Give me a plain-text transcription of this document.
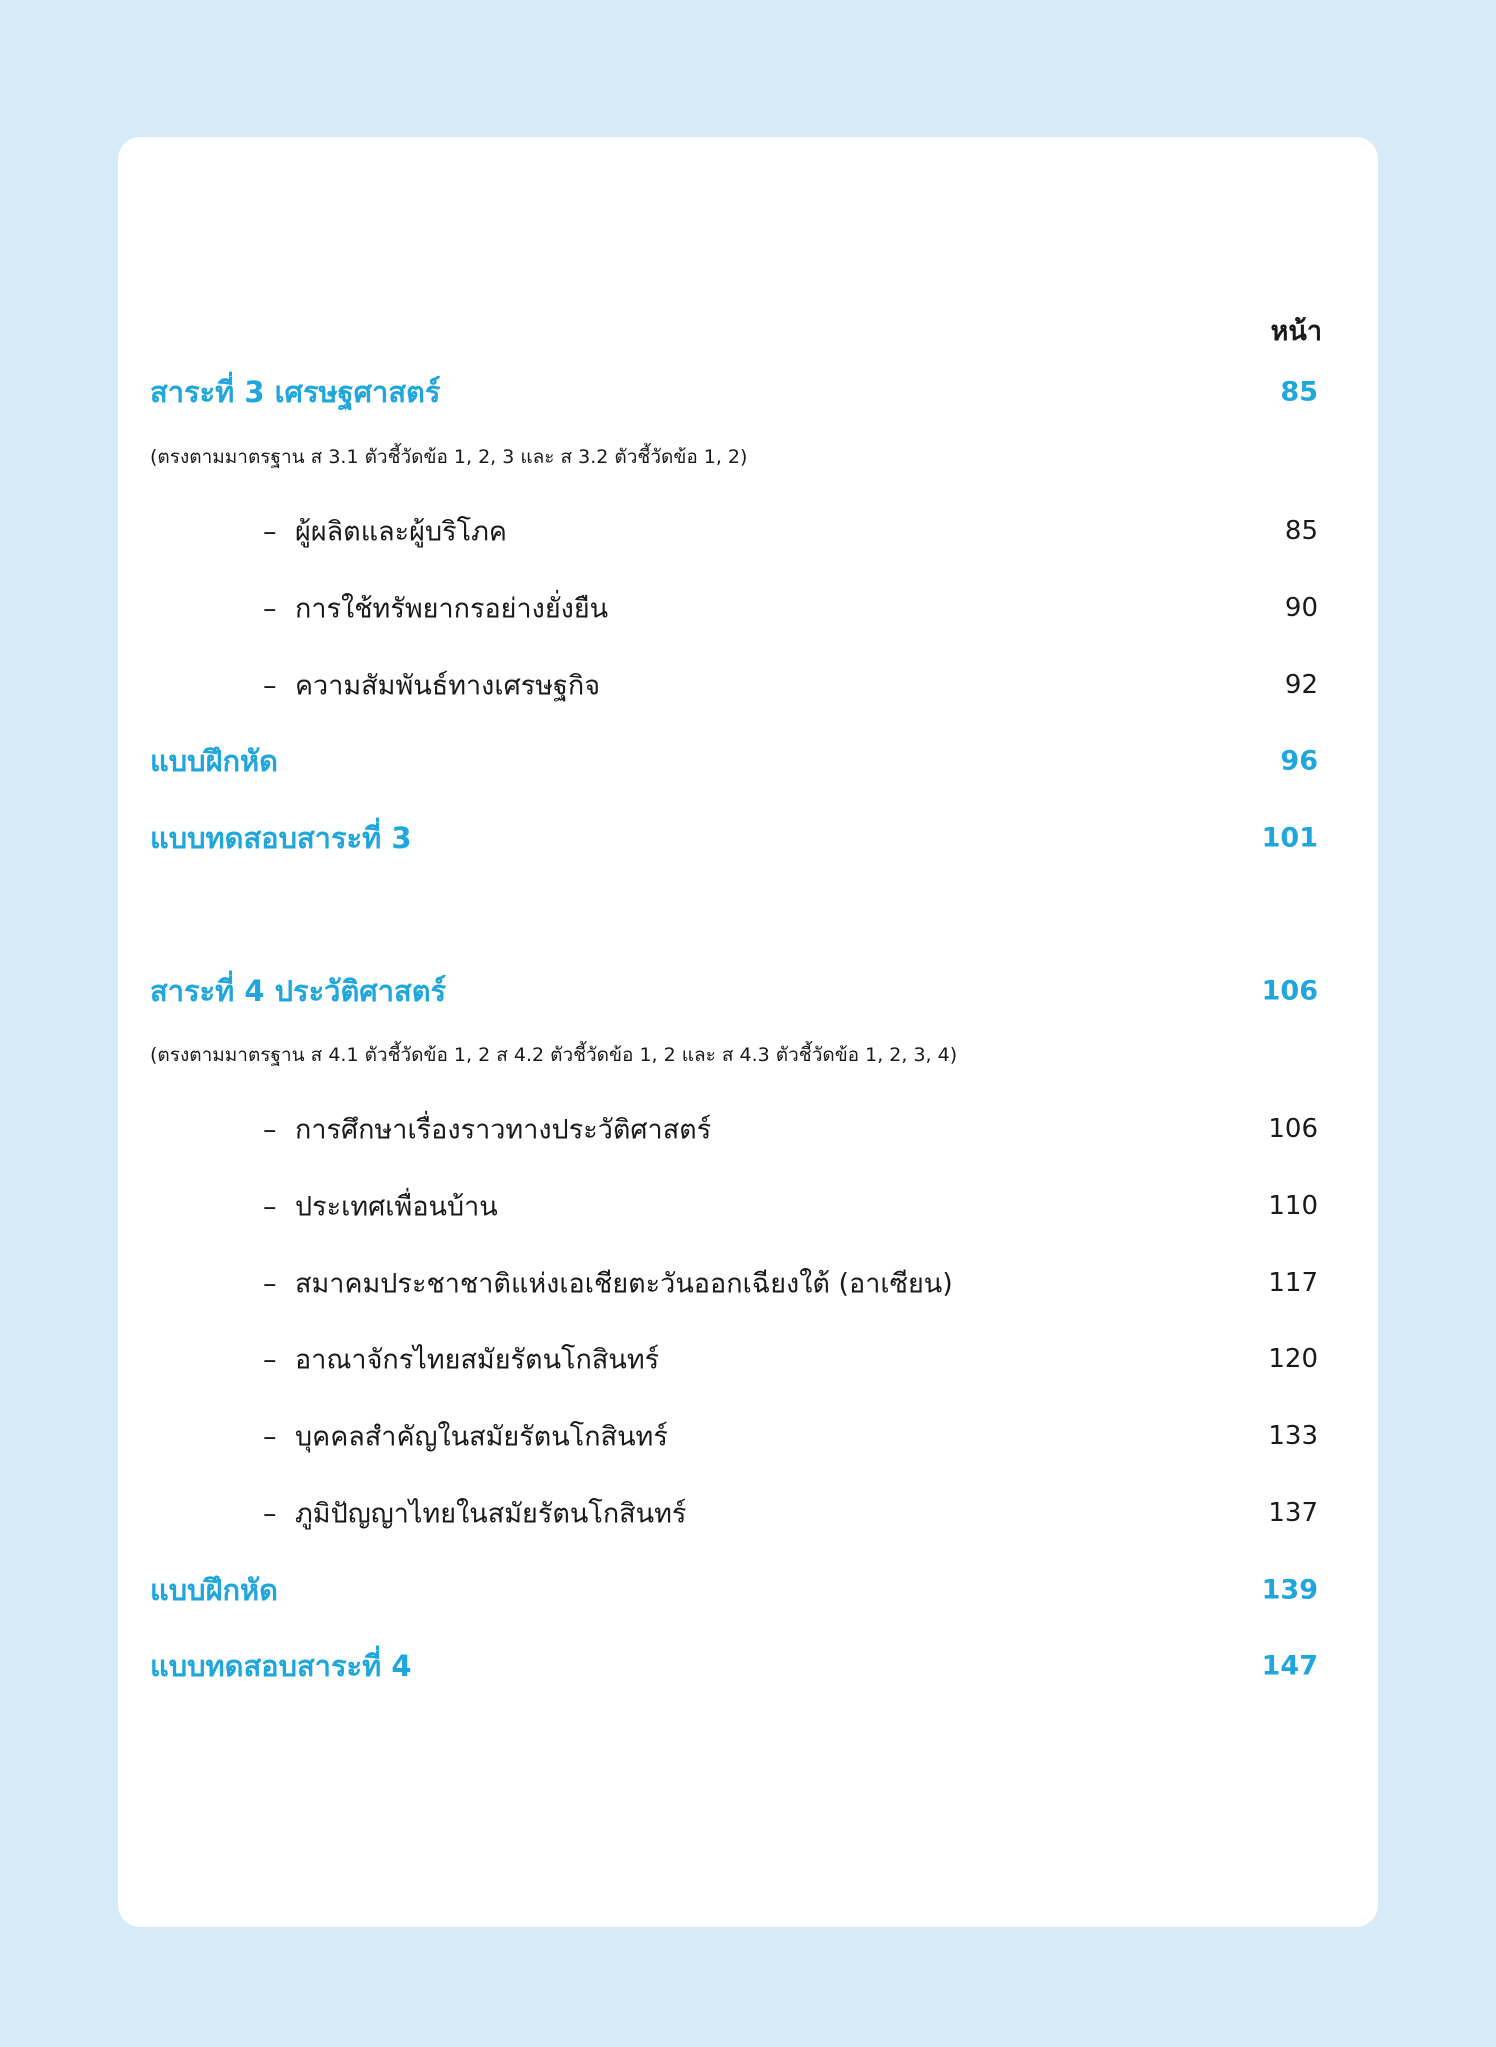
หน้า
สาระที่ 3 เศรษฐศาสตร์	85
(ตรงตามมาตรฐาน ส 3.1 ตัวชี้วัดข้อ 1, 2, 3 และ ส 3.2 ตัวชี้วัดข้อ 1, 2)
– ผู้ผลิตและผู้บริโภค	85
– การใช้ทรัพยากรอย่างยั่งยืน	90
– ความสัมพันธ์ทางเศรษฐกิจ	92
แบบฝึกหัด	96
แบบทดสอบสาระที่ 3	101
สาระที่ 4 ประวัติศาสตร์	106
(ตรงตามมาตรฐาน ส 4.1 ตัวชี้วัดข้อ 1, 2 ส 4.2 ตัวชี้วัดข้อ 1, 2 และ ส 4.3 ตัวชี้วัดข้อ 1, 2, 3, 4)
– การศึกษาเรื่องราวทางประวัติศาสตร์	106
– ประเทศเพื่อนบ้าน	110
– สมาคมประชาชาติแห่งเอเชียตะวันออกเฉียงใต้ (อาเซียน)	117
– อาณาจักรไทยสมัยรัตนโกสินทร์	120
– บุคคลสำคัญในสมัยรัตนโกสินทร์	133
– ภูมิปัญญาไทยในสมัยรัตนโกสินทร์	137
แบบฝึกหัด	139
แบบทดสอบสาระที่ 4	147
